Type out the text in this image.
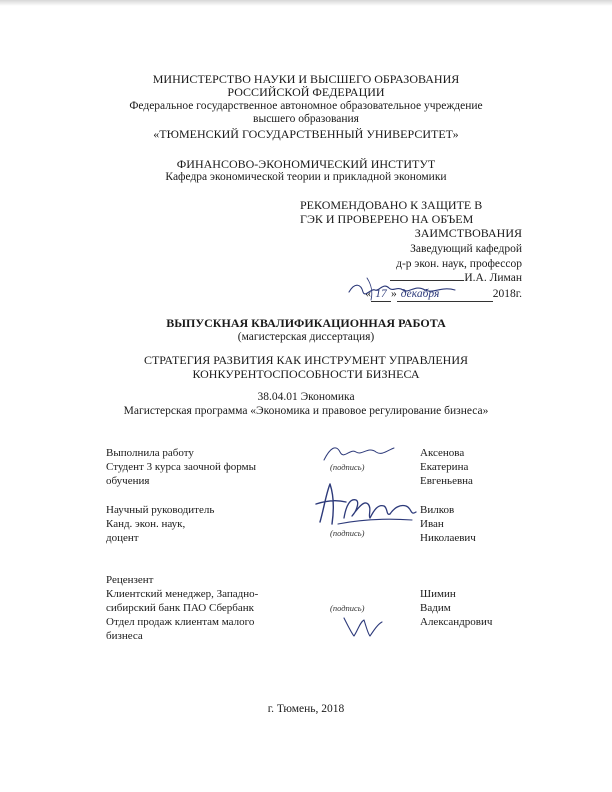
МИНИСТЕРСТВО НАУКИ И ВЫСШЕГО ОБРАЗОВАНИЯ
РОССИЙСКОЙ ФЕДЕРАЦИИ
Федеральное государственное автономное образовательное учреждение
высшего образования
«ТЮМЕНСКИЙ ГОСУДАРСТВЕННЫЙ УНИВЕРСИТЕТ»
ФИНАНСОВО-ЭКОНОМИЧЕСКИЙ ИНСТИТУТ
Кафедра экономической теории и прикладной экономики
РЕКОМЕНДОВАНО К ЗАЩИТЕ В
ГЭК И ПРОВЕРЕНО НА ОБЪЕМ
ЗАИМСТВОВАНИЯ
Заведующий кафедрой
д-р экон. наук, профессор
И.А. Лиман
« 17 » декабря	2018г.
ВЫПУСКНАЯ КВАЛИФИКАЦИОННАЯ РАБОТА
(магистерская диссертация)
СТРАТЕГИЯ РАЗВИТИЯ КАК ИНСТРУМЕНТ УПРАВЛЕНИЯ
КОНКУРЕНТОСПОСОБНОСТИ БИЗНЕСА
38.04.01 Экономика
Магистерская программа «Экономика и правовое регулирование бизнеса»
Выполнила работу
Студент 3 курса заочной формы
обучения
(подпись)
Аксенова
Екатерина
Евгеньевна
Научный руководитель
Канд. экон. наук,
доцент	(подпись)
Вилков
Иван
Николаевич
Рецензент
Клиентский менеджер, Западно-
сибирский банк ПАО Сбербанк
Отдел продаж клиентам малого
бизнеса
(подпись)
Шимин
Вадим
Александрович
г. Тюмень, 2018
